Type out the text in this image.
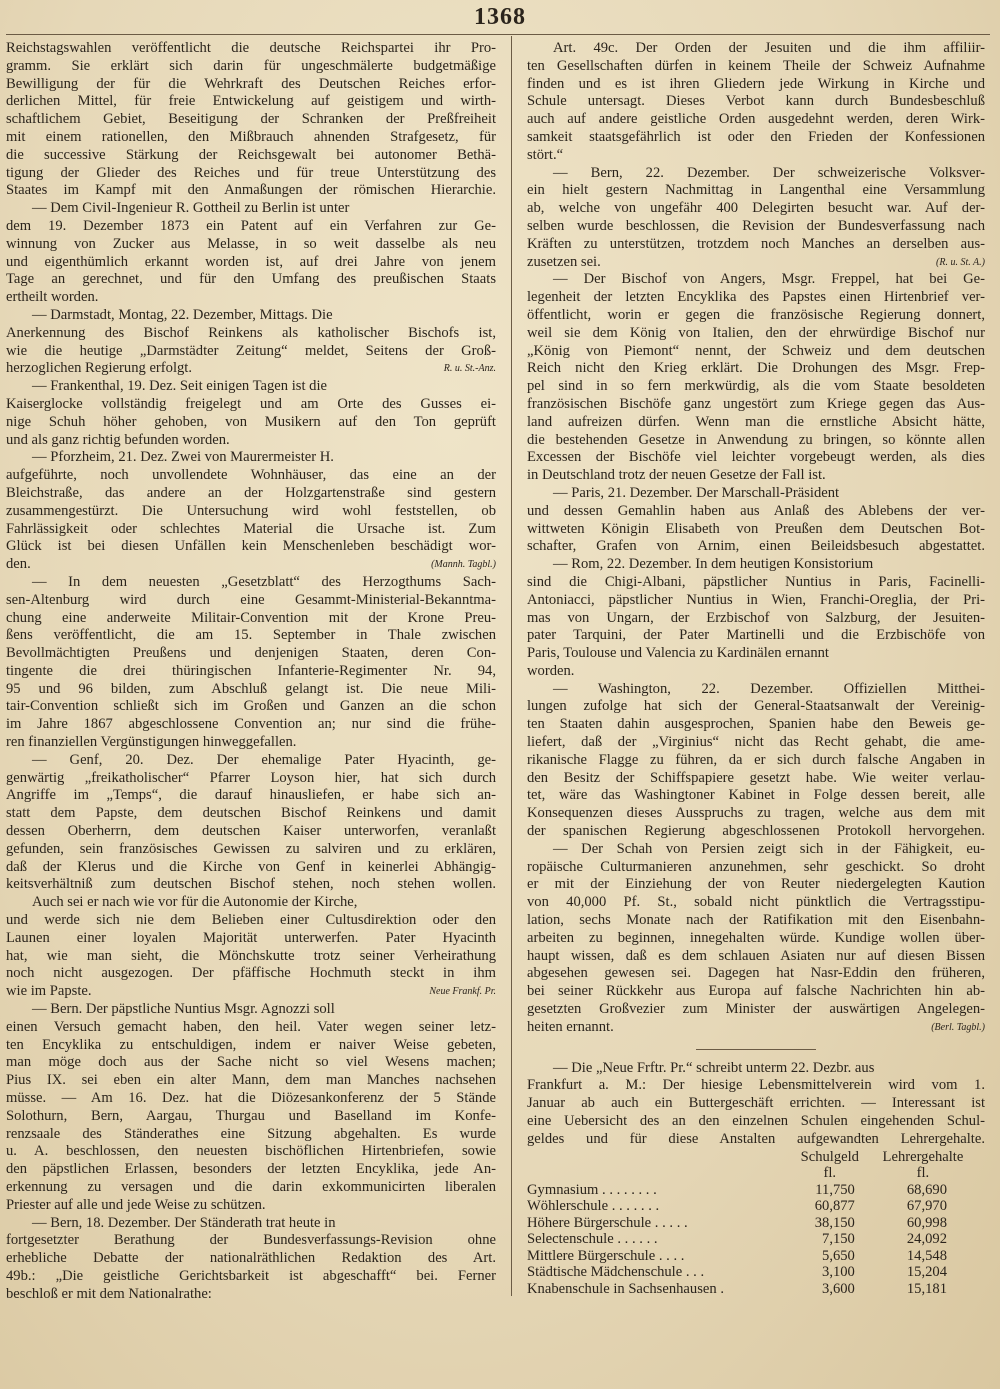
1368
Reichstagswahlen veröffentlicht die deutsche Reichspartei ihr Pro-
gramm. Sie erklärt sich darin für ungeschmälerte budgetmäßige
Bewilligung der für die Wehrkraft des Deutschen Reiches erfor-
derlichen Mittel, für freie Entwickelung auf geistigem und wirth-
schaftlichem Gebiet, Beseitigung der Schranken der Preßfreiheit
mit einem rationellen, den Mißbrauch ahnenden Strafgesetz, für
die successive Stärkung der Reichsgewalt bei autonomer Bethä-
tigung der Glieder des Reiches und für treue Unterstützung des
Staates im Kampf mit den Anmaßungen der römischen Hierarchie.
— Dem Civil-Ingenieur R. Gottheil zu Berlin ist unter
dem 19. Dezember 1873 ein Patent auf ein Verfahren zur Ge-
winnung von Zucker aus Melasse, in so weit dasselbe als neu
und eigenthümlich erkannt worden ist, auf drei Jahre von jenem
Tage an gerechnet, und für den Umfang des preußischen Staats
ertheilt worden.
— Darmstadt, Montag, 22. Dezember, Mittags. Die
Anerkennung des Bischof Reinkens als katholischer Bischofs ist,
wie die heutige „Darmstädter Zeitung“ meldet, Seitens der Groß-
R. u. St.-Anz.
herzoglichen Regierung erfolgt.
— Frankenthal, 19. Dez. Seit einigen Tagen ist die
Kaiserglocke vollständig freigelegt und am Orte des Gusses ei-
nige Schuh höher gehoben, von Musikern auf den Ton geprüft
und als ganz richtig befunden worden.
— Pforzheim, 21. Dez. Zwei von Maurermeister H.
aufgeführte, noch unvollendete Wohnhäuser, das eine an der
Bleichstraße, das andere an der Holzgartenstraße sind gestern
zusammengestürzt. Die Untersuchung wird wohl feststellen, ob
Fahrlässigkeit oder schlechtes Material die Ursache ist. Zum
Glück ist bei diesen Unfällen kein Menschenleben beschädigt wor-
(Mannh. Tagbl.)
den.
— In dem neuesten „Gesetzblatt“ des Herzogthums Sach-
sen-Altenburg wird durch eine Gesammt-Ministerial-Bekanntma-
chung eine anderweite Militair-Convention mit der Krone Preu-
ßens veröffentlicht, die am 15. September in Thale zwischen
Bevollmächtigten Preußens und denjenigen Staaten, deren Con-
tingente die drei thüringischen Infanterie-Regimenter Nr. 94,
95 und 96 bilden, zum Abschluß gelangt ist. Die neue Mili-
tair-Convention schließt sich im Großen und Ganzen an die schon
im Jahre 1867 abgeschlossene Convention an; nur sind die frühe-
ren finanziellen Vergünstigungen hinweggefallen.
— Genf, 20. Dez. Der ehemalige Pater Hyacinth, ge-
genwärtig „freikatholischer“ Pfarrer Loyson hier, hat sich durch
Angriffe im „Temps“, die darauf hinausliefen, er habe sich an-
statt dem Papste, dem deutschen Bischof Reinkens und damit
dessen Oberherrn, dem deutschen Kaiser unterworfen, veranlaßt
gefunden, sein französisches Gewissen zu salviren und zu erklären,
daß der Klerus und die Kirche von Genf in keinerlei Abhängig-
keitsverhältniß zum deutschen Bischof stehen, noch stehen wollen.
Auch sei er nach wie vor für die Autonomie der Kirche,
und werde sich nie dem Belieben einer Cultusdirektion oder den
Launen einer loyalen Majorität unterwerfen. Pater Hyacinth
hat, wie man sieht, die Mönchskutte trotz seiner Verheirathung
noch nicht ausgezogen. Der pfäffische Hochmuth steckt in ihm
Neue Frankf. Pr.
wie im Papste.
— Bern. Der päpstliche Nuntius Msgr. Agnozzi soll
einen Versuch gemacht haben, den heil. Vater wegen seiner letz-
ten Encyklika zu entschuldigen, indem er naiver Weise gebeten,
man möge doch aus der Sache nicht so viel Wesens machen;
Pius IX. sei eben ein alter Mann, dem man Manches nachsehen
müsse. — Am 16. Dez. hat die Diözesankonferenz der 5 Stände
Solothurn, Bern, Aargau, Thurgau und Baselland im Konfe-
renzsaale des Ständerathes eine Sitzung abgehalten. Es wurde
u. A. beschlossen, den neuesten bischöflichen Hirtenbriefen, sowie
den päpstlichen Erlassen, besonders der letzten Encyklika, jede An-
erkennung zu versagen und die darin exkommunicirten liberalen
Priester auf alle und jede Weise zu schützen.
— Bern, 18. Dezember. Der Ständerath trat heute in
fortgesetzter Berathung der Bundesverfassungs-Revision ohne
erhebliche Debatte der nationalräthlichen Redaktion des Art.
49b.: „Die geistliche Gerichtsbarkeit ist abgeschafft“ bei. Ferner
beschloß er mit dem Nationalrathe:
Art. 49c. Der Orden der Jesuiten und die ihm affiliir-
ten Gesellschaften dürfen in keinem Theile der Schweiz Aufnahme
finden und es ist ihren Gliedern jede Wirkung in Kirche und
Schule untersagt. Dieses Verbot kann durch Bundesbeschluß
auch auf andere geistliche Orden ausgedehnt werden, deren Wirk-
samkeit staatsgefährlich ist oder den Frieden der Konfessionen
stört.“
— Bern, 22. Dezember. Der schweizerische Volksver-
ein hielt gestern Nachmittag in Langenthal eine Versammlung
ab, welche von ungefähr 400 Delegirten besucht war. Auf der-
selben wurde beschlossen, die Revision der Bundesverfassung nach
Kräften zu unterstützen, trotzdem noch Manches an derselben aus-
(R. u. St. A.)
zusetzen sei.
— Der Bischof von Angers, Msgr. Freppel, hat bei Ge-
legenheit der letzten Encyklika des Papstes einen Hirtenbrief ver-
öffentlicht, worin er gegen die französische Regierung donnert,
weil sie dem König von Italien, den der ehrwürdige Bischof nur
„König von Piemont“ nennt, der Schweiz und dem deutschen
Reich nicht den Krieg erklärt. Die Drohungen des Msgr. Frep-
pel sind in so fern merkwürdig, als die vom Staate besoldeten
französischen Bischöfe ganz ungestört zum Kriege gegen das Aus-
land aufreizen dürfen. Wenn man die ernstliche Absicht hätte,
die bestehenden Gesetze in Anwendung zu bringen, so könnte allen
Excessen der Bischöfe viel leichter vorgebeugt werden, als dies
in Deutschland trotz der neuen Gesetze der Fall ist.
— Paris, 21. Dezember. Der Marschall-Präsident
und dessen Gemahlin haben aus Anlaß des Ablebens der ver-
wittweten Königin Elisabeth von Preußen dem Deutschen Bot-
schafter, Grafen von Arnim, einen Beileidsbesuch abgestattet.
— Rom, 22. Dezember. In dem heutigen Konsistorium
sind die Chigi-Albani, päpstlicher Nuntius in Paris, Facinelli-
Antoniacci, päpstlicher Nuntius in Wien, Franchi-Oreglia, der Pri-
mas von Ungarn, der Erzbischof von Salzburg, der Jesuiten-
pater Tarquini, der Pater Martinelli und die Erzbischöfe von
Paris, Toulouse und Valencia zu Kardinälen ernannt
worden.
— Washington, 22. Dezember. Offiziellen Mitthei-
lungen zufolge hat sich der General-Staatsanwalt der Vereinig-
ten Staaten dahin ausgesprochen, Spanien habe den Beweis ge-
liefert, daß der „Virginius“ nicht das Recht gehabt, die ame-
rikanische Flagge zu führen, da er sich durch falsche Angaben in
den Besitz der Schiffspapiere gesetzt habe. Wie weiter verlau-
tet, wäre das Washingtoner Kabinet in Folge dessen bereit, alle
Konsequenzen dieses Ausspruchs zu tragen, welche aus dem mit
der spanischen Regierung abgeschlossenen Protokoll hervorgehen.
— Der Schah von Persien zeigt sich in der Fähigkeit, eu-
ropäische Culturmanieren anzunehmen, sehr geschickt. So droht
er mit der Einziehung der von Reuter niedergelegten Kaution
von 40,000 Pf. St., sobald nicht pünktlich die Vertragsstipu-
lation, sechs Monate nach der Ratifikation mit den Eisenbahn-
arbeiten zu beginnen, innegehalten würde. Kundige wollen über-
haupt wissen, daß es dem schlauen Asiaten nur auf diesen Bissen
abgesehen gewesen sei. Dagegen hat Nasr-Eddin den früheren,
bei seiner Rückkehr aus Europa auf falsche Nachrichten hin ab-
gesetzten Großvezier zum Minister der auswärtigen Angelegen-
(Berl. Tagbl.)
heiten ernannt.
— Die „Neue Frftr. Pr.“ schreibt unterm 22. Dezbr. aus
Frankfurt a. M.: Der hiesige Lebensmittelverein wird vom 1.
Januar ab auch ein Buttergeschäft errichten. — Interessant ist
eine Uebersicht des an den einzelnen Schulen eingehenden Schul-
geldes und für diese Anstalten aufgewandten Lehrergehalte.
	Schulgeld	Lehrergehalte
	fl.	fl.
Gymnasium . . . . . . . .	11,750	68,690
Wöhlerschule . . . . . . .	60,877	67,970
Höhere Bürgerschule . . . . .	38,150	60,998
Selectenschule . . . . . .	7,150	24,092
Mittlere Bürgerschule . . . .	5,650	14,548
Städtische Mädchenschule . . .	3,100	15,204
Knabenschule in Sachsenhausen .	3,600	15,181
